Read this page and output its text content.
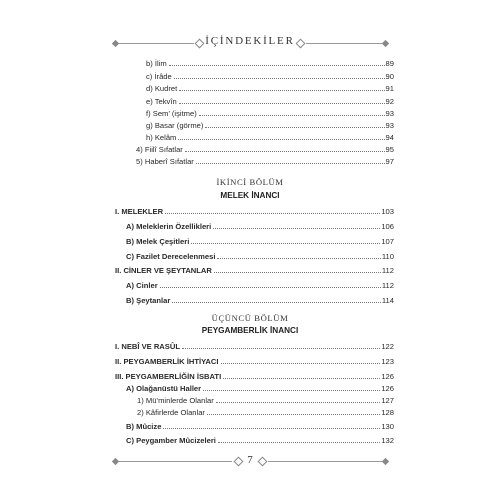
İÇİNDEKİLER
b) İlim	89
c) İrâde	90
d) Kudret	91
e) Tekvîn	92
f) Sem’ (işitme)	93
g) Basar (görme)	93
h) Kelâm	94
4) Fiilî Sıfatlar	95
5) Haberî Sıfatlar	97
İKİNCİ BÖLÜM
MELEK İNANCI
I. MELEKLER	103
A) Meleklerin Özellikleri	106
B) Melek Çeşitleri	107
C) Fazilet Derecelenmesi	110
II. CİNLER VE ŞEYTANLAR	112
A) Cinler	112
B) Şeytanlar	114
ÜÇÜNCÜ BÖLÜM
PEYGAMBERLİK İNANCI
I. NEBÎ VE RASÛL	122
II. PEYGAMBERLİK İHTİYACI	123
III. PEYGAMBERLİĞİN İSBATI	126
A) Olağanüstü Haller	126
1) Mü’minlerde Olanlar	127
2) Kâfirlerde Olanlar	128
B) Mûcize	130
C) Peygamber Mûcizeleri	132
7
